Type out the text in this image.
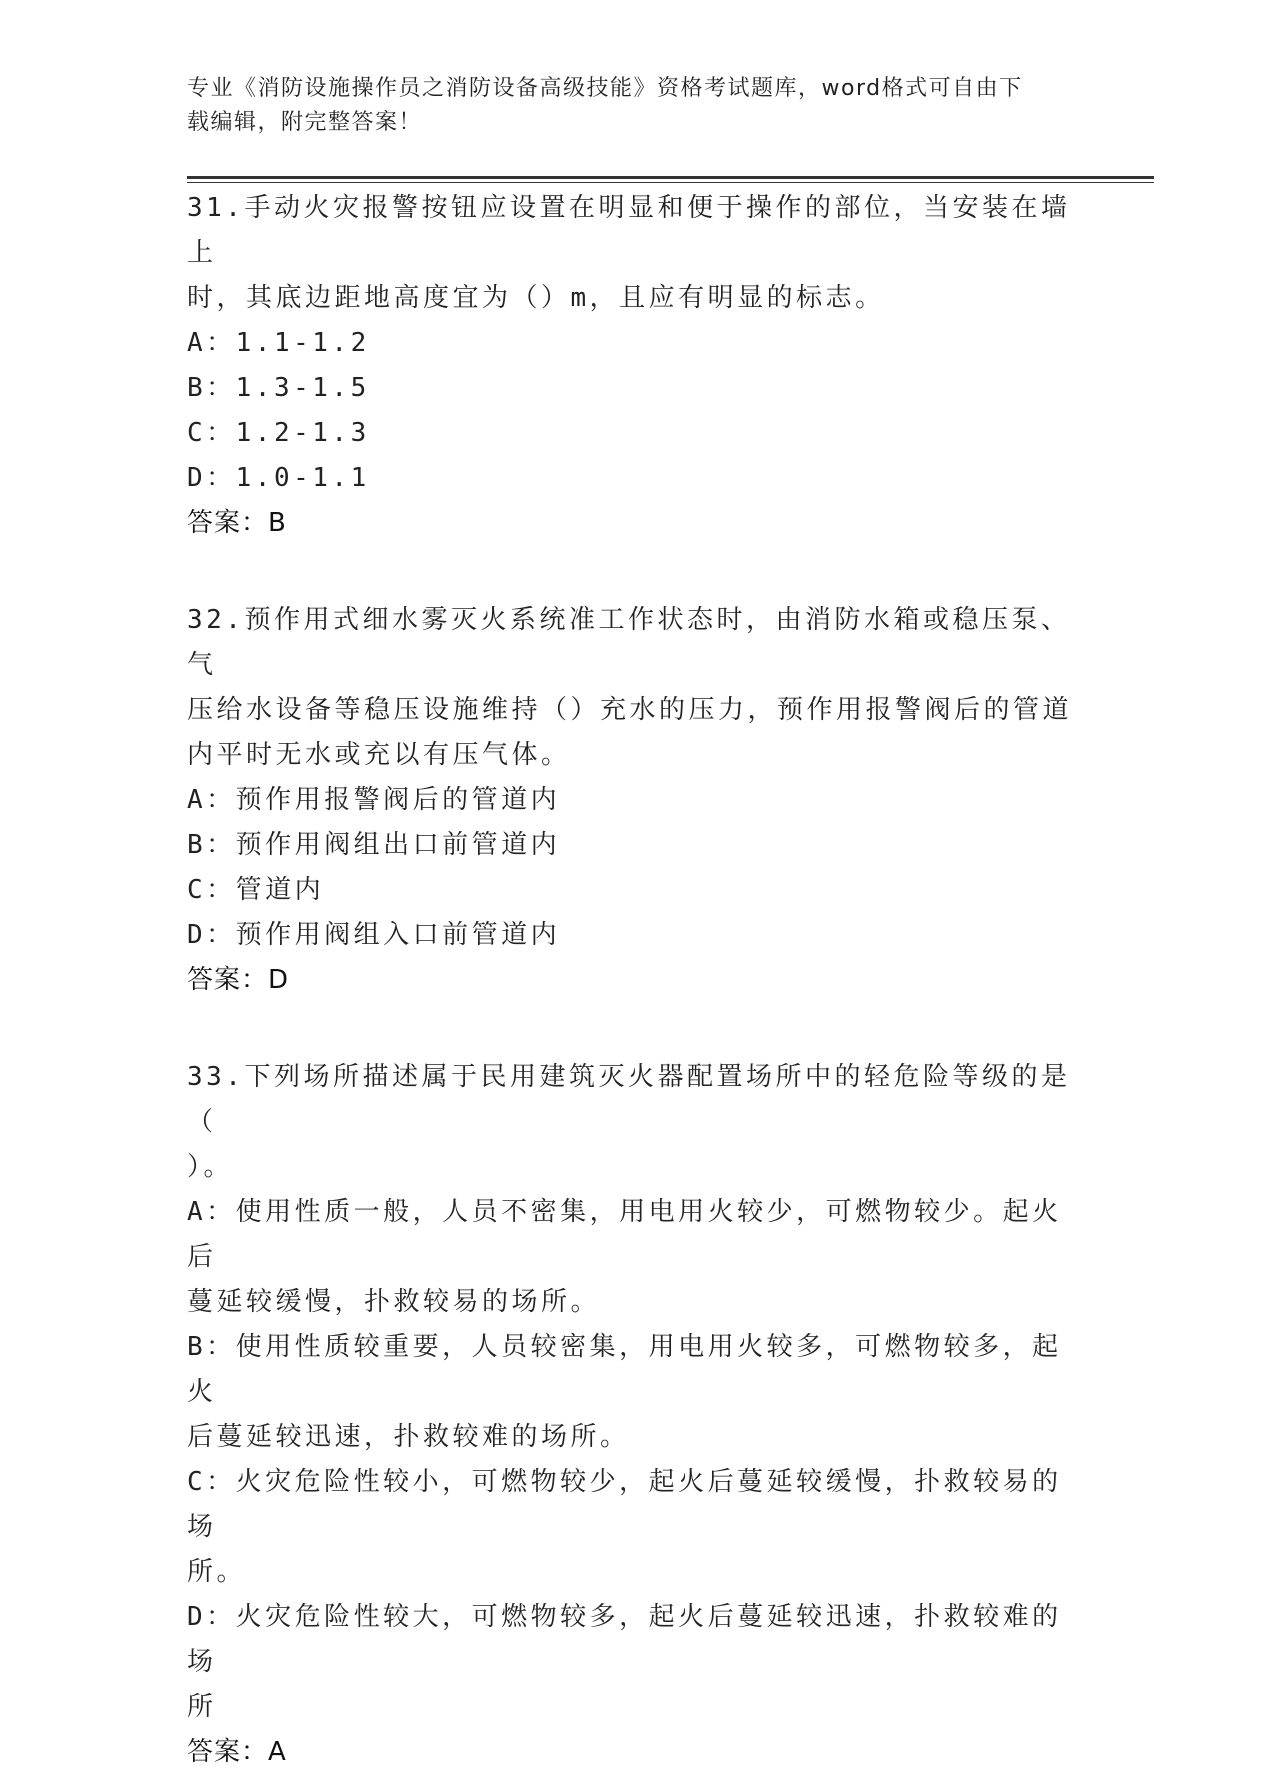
专业《消防设施操作员之消防设备高级技能》资格考试题库，word格式可自由下
载编辑，附完整答案！
31.手动火灾报警按钮应设置在明显和便于操作的部位，当安装在墙上
时，其底边距地高度宜为（）m，且应有明显的标志。
A：1.1-1.2
B：1.3-1.5
C：1.2-1.3
D：1.0-1.1
答案：B
32.预作用式细水雾灭火系统准工作状态时，由消防水箱或稳压泵、气
压给水设备等稳压设施维持（）充水的压力，预作用报警阀后的管道
内平时无水或充以有压气体。
A：预作用报警阀后的管道内
B：预作用阀组出口前管道内
C：管道内
D：预作用阀组入口前管道内
答案：D
33.下列场所描述属于民用建筑灭火器配置场所中的轻危险等级的是（
）。
A：使用性质一般，人员不密集，用电用火较少，可燃物较少。起火后
蔓延较缓慢，扑救较易的场所。
B：使用性质较重要，人员较密集，用电用火较多，可燃物较多，起火
后蔓延较迅速，扑救较难的场所。
C：火灾危险性较小，可燃物较少，起火后蔓延较缓慢，扑救较易的场
所。
D：火灾危险性较大，可燃物较多，起火后蔓延较迅速，扑救较难的场
所
答案：A
